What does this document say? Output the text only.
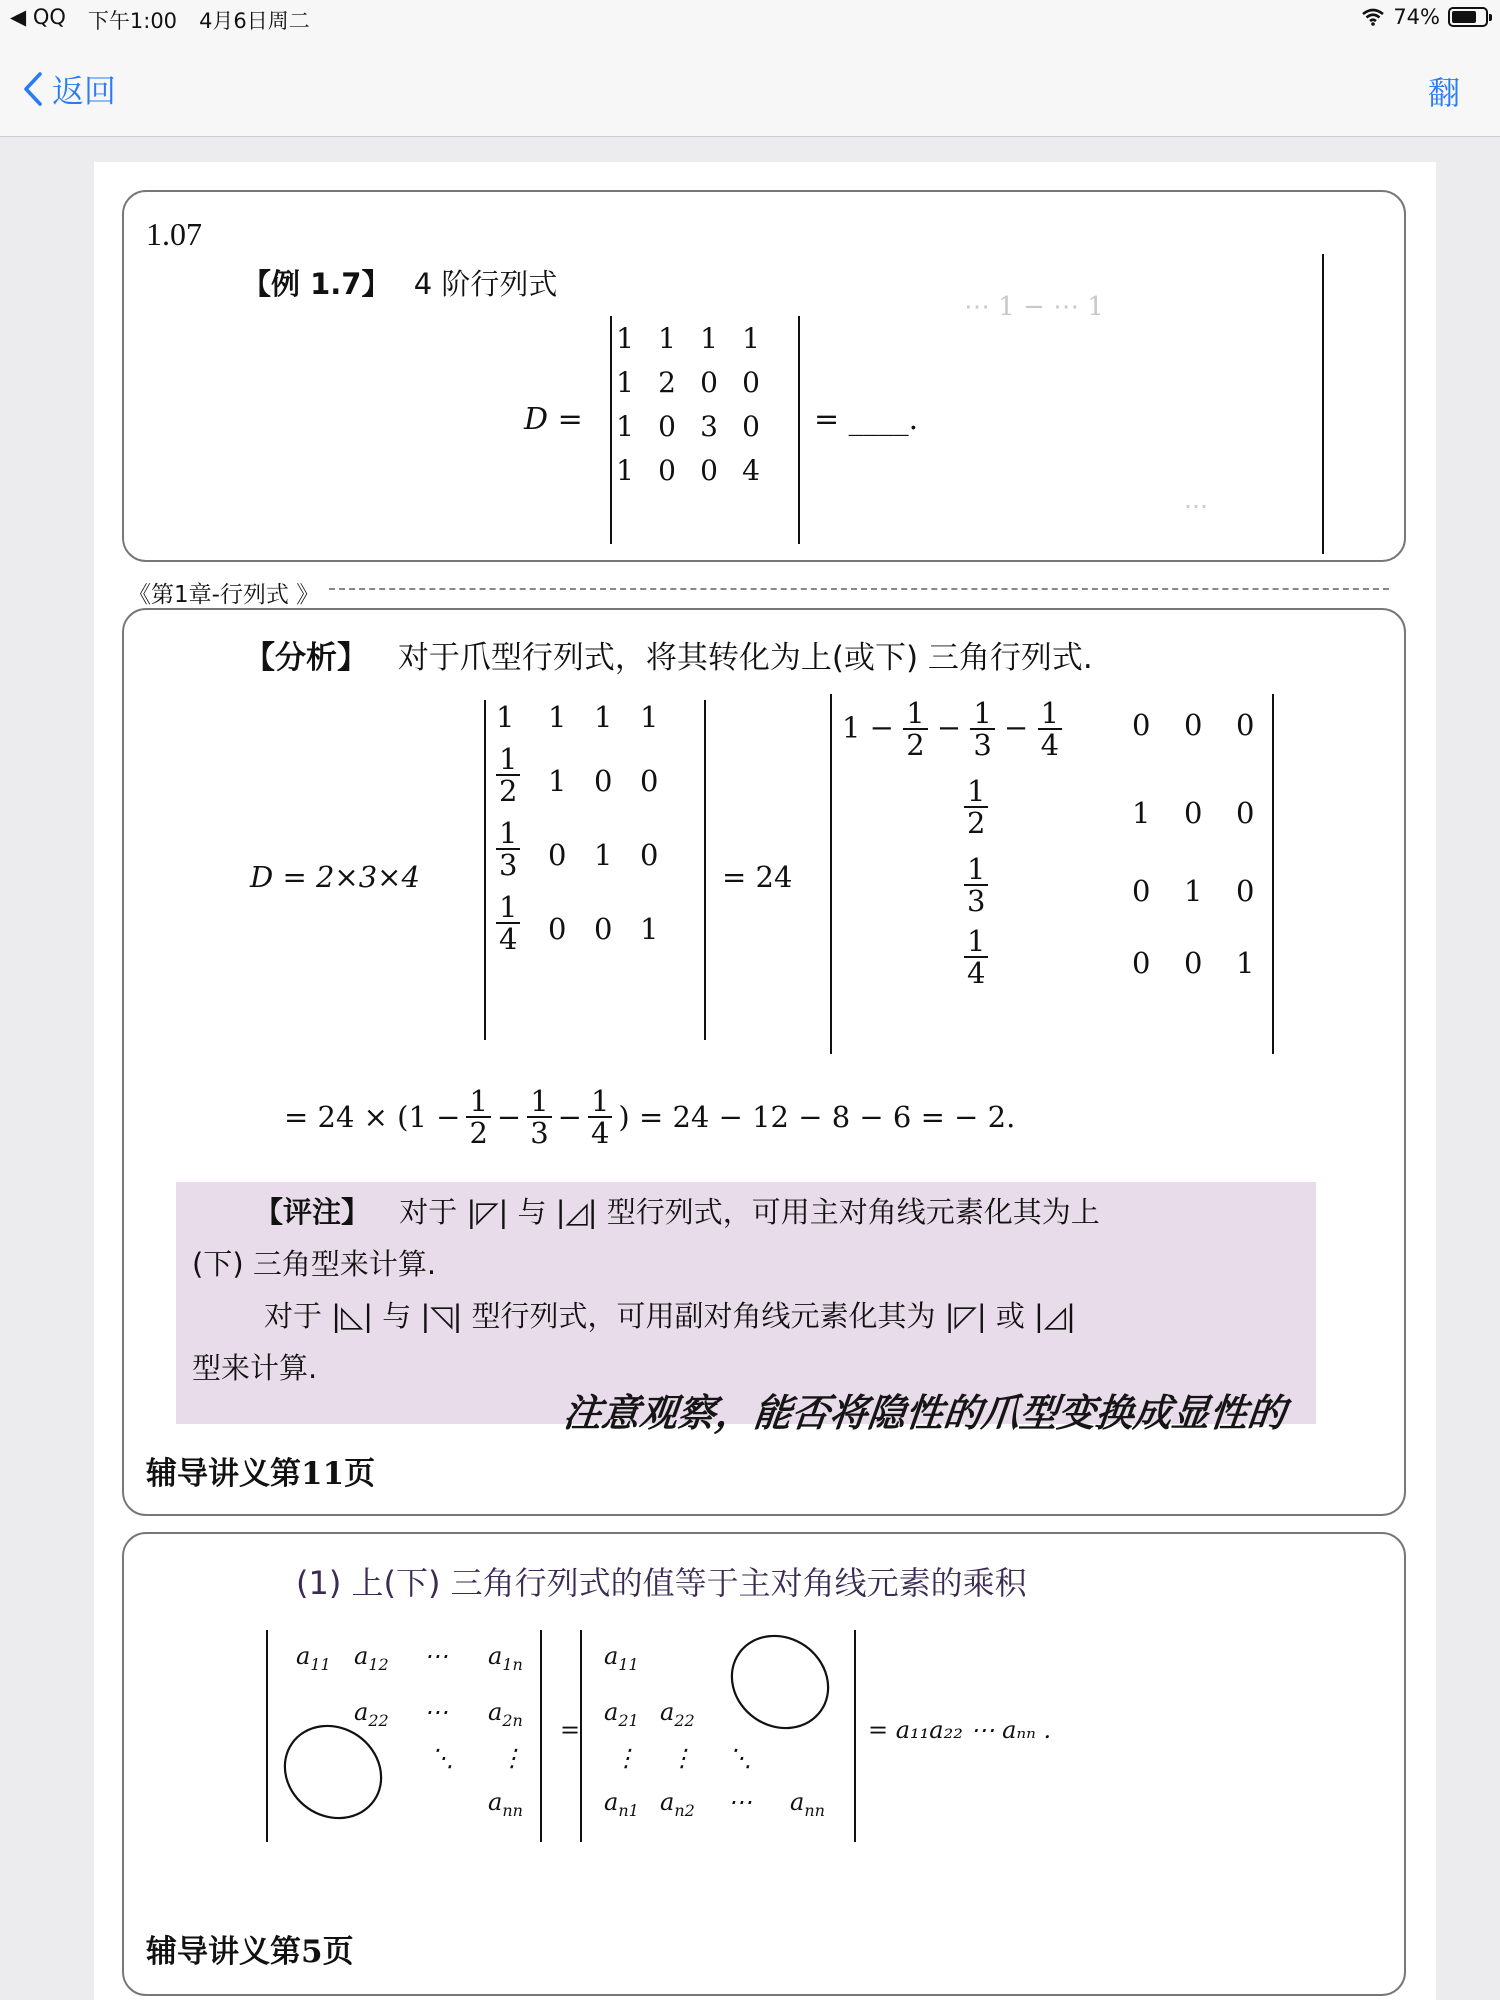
◀ QQ 下午1:00 4月6日周二	74%
返回	翻
1.07
【例 1.7】 4 阶行列式
⋯ 1 − ⋯ 1
⋯
D =
1 1 1 1
1 2 0 0
1 0 3 0
1 0 0 4
= ____.
《第1章-行列式 》
【分析】 对于爪型行列式，将其转化为上(或下) 三角行列式.
D = 2×3×4
1 1 1 1
$\frac{1}{2} 1$ 0 0
$\frac{1}{3} 0$ 1 0
$\frac{1}{4} 0$ 0 1
= 24
$1 - \frac{1}{2} - \frac{1}{3} - \frac{1}{4} 0$ 0 0
$\frac{1}{2}$
$\frac{1}{3}$
$\frac{1}{4}$
1 0 0
0 1 0
0 0 1
= $24 \times (1 - \frac{1}{2} - \frac{1}{3} - \frac{1}{4}$ ) = 24 − 12 − 8 − 6 = − 2.
【评注】 对于 |◸| 与 |◿| 型行列式，可用主对角线元素化其为上
(下) 三角型来计算.
对于 |◺| 与 |◹| 型行列式，可用副对角线元素化其为 |◸| 或 |◿|
型来计算.
注意观察，能否将隐性的爪型变换成显性的
辅导讲义第11页
(1) 上(下) 三角行列式的值等于主对角线元素的乘积
$a_{11}$ $a_{12}$ ⋯ $a_{1n}$
$a_{22}$ ⋯ $a_{2n}$
⋱ ⋮
$a_{nn}$
=
$a_{11}$
$a_{21}$ $a_{22}$
⋮ ⋮ ⋱
$a_{n1}$ $a_{n2}$ ⋯ $a_{nn}$
= a₁₁a₂₂ ⋯ aₙₙ .
辅导讲义第5页
